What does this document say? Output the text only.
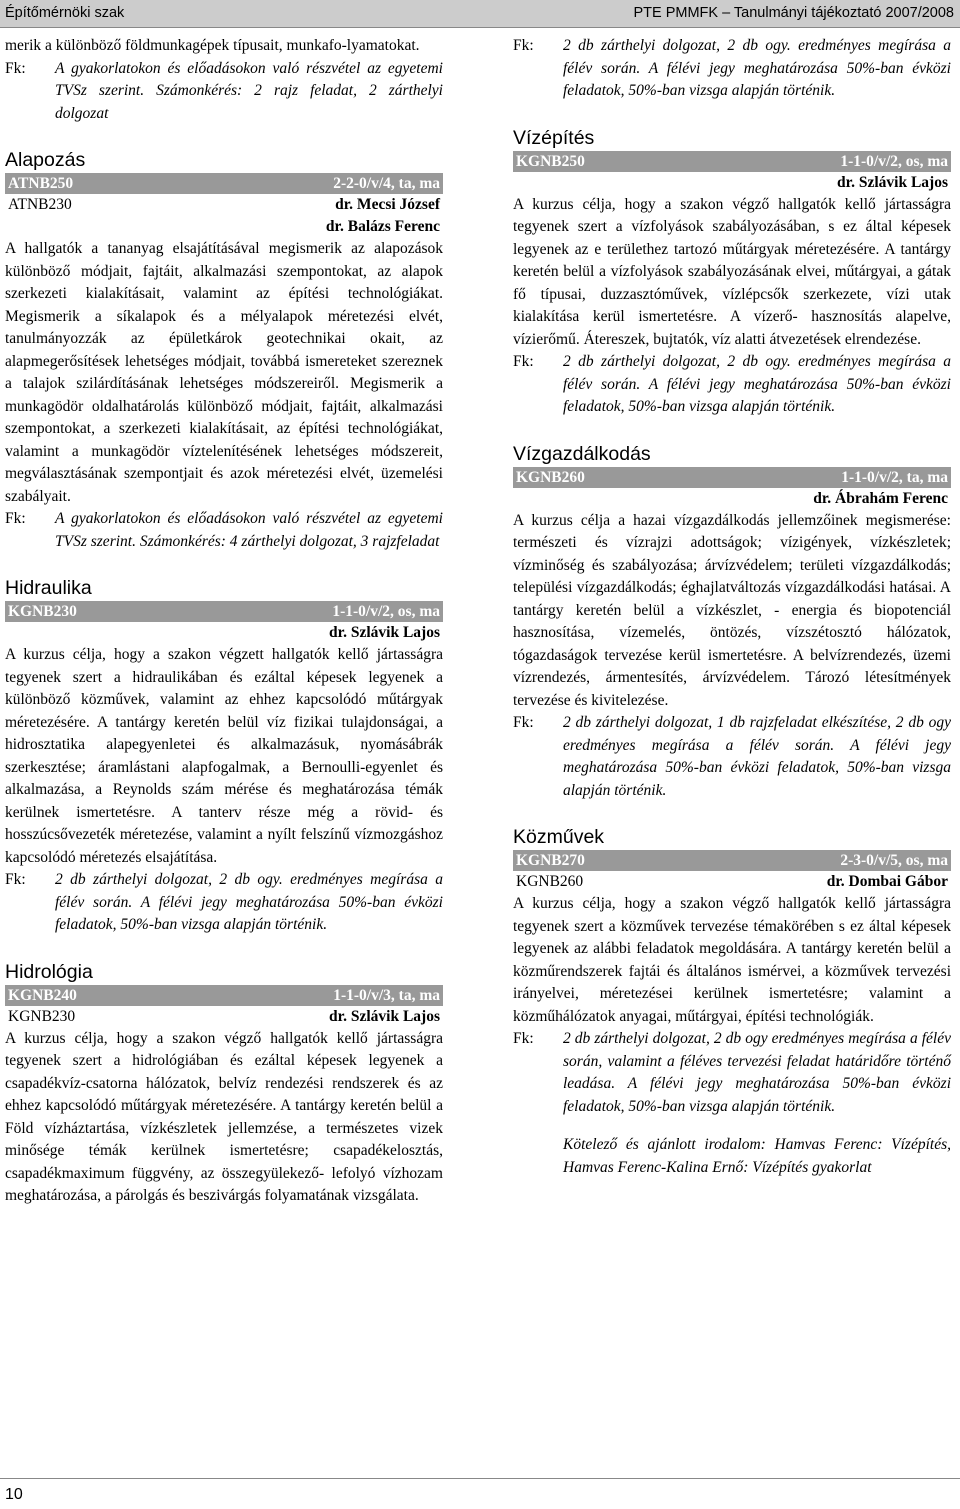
Építőmérnöki szak	PTE PMMFK – Tanulmányi tájékoztató 2007/2008

merik a különböző földmunkagépek típusait, munkafo-lyamatokat.

Fk: A gyakorlatokon és előadásokon való részvétel az egyetemi TVSz szerint. Számonkérés: 2 rajz feladat, 2 zárthelyi dolgozat
Alapozás
ATNB250	2-2-0/v/4, ta, ma
ATNB230	dr. Mecsi József
dr. Balázs Ferenc

A hallgatók a tananyag elsajátításával megismerik az alapozások különböző módjait, fajtáit, alkalmazási szempontokat, az alapok szerkezeti kialakításait, valamint az építési technológiákat. Megismerik a síkalapok és a mélyalapok méretezési elvét, tanulmányozzák az épületkárok geotechnikai okait, az alapmegerősítések lehetséges módjait, továbbá ismereteket szereznek a talajok szilárdításának lehetséges módszereiről. Megismerik a munkagödör oldalhatárolás különböző módjait, fajtáit, alkalmazási szempontokat, a szerkezeti kialakításait, az építési technológiákat, valamint a munkagödör víztelenítésének lehetséges módszereit, megválasztásának szempontjait és azok méretezési elvét, üzemelési szabályait.

Fk: A gyakorlatokon és előadásokon való részvétel az egyetemi TVSz szerint. Számonkérés: 4 zárthelyi dolgozat, 3 rajzfeladat
Hidraulika
KGNB230	1-1-0/v/2, os, ma
dr. Szlávik Lajos

A kurzus célja, hogy a szakon végzett hallgatók kellő jártasságra tegyenek szert a hidraulikában és ezáltal képesek legyenek a különböző közművek, valamint az ehhez kapcsolódó műtárgyak méretezésére. A tantárgy keretén belül víz fizikai tulajdonságai, a hidrosztatika alapegyenletei és alkalmazásuk, nyomásábrák szerkesztése; áramlástani alapfogalmak, a Bernoulli-egyenlet és alkalmazása, a Reynolds szám mérése és meghatározása témák kerülnek ismertetésre. A tanterv része még a rövid- és hosszúcsővezeték méretezése, valamint a nyílt felszínű vízmozgáshoz kapcsolódó méretezés elsajátítása.

Fk: 2 db zárthelyi dolgozat, 2 db ogy. eredményes megírása a félév során. A félévi jegy meghatározása 50%-ban évközi feladatok, 50%-ban vizsga alapján történik.
Hidrológia
KGNB240	1-1-0/v/3, ta, ma
KGNB230	dr. Szlávik Lajos

A kurzus célja, hogy a szakon végző hallgatók kellő jártasságra tegyenek szert a hidrológiában és ezáltal képesek legyenek a csapadékvíz-csatorna hálózatok, belvíz rendezési rendszerek és az ehhez kapcsolódó műtárgyak méretezésére. A tantárgy keretén belül a Föld vízháztartása, vízkészletek jellemzése, a természetes vizek minősége témák kerülnek ismertetésre; csapadékelosztás, csapadékmaximum függvény, az összegyülekező- lefolyó vízhozam meghatározása, a párolgás és beszivárgás folyamatának vizsgálata.

Fk: 2 db zárthelyi dolgozat, 2 db ogy. eredményes megírása a félév során. A félévi jegy meghatározása 50%-ban évközi feladatok, 50%-ban vizsga alapján történik.
Vízépítés
KGNB250	1-1-0/v/2, os, ma
dr. Szlávik Lajos

A kurzus célja, hogy a szakon végző hallgatók kellő jártasságra tegyenek szert a vízfolyások szabályozásában, s ez által képesek legyenek az e területhez tartozó műtárgyak méretezésére. A tantárgy keretén belül a vízfolyások szabályozásának elvei, műtárgyai, a gátak fő típusai, duzzasztóművek, vízlépcsők szerkezete, vízi utak kialakítása kerül ismertetésre. A vízerő- hasznosítás alapelve, vízierőmű. Átereszek, bujtatók, víz alatti átvezetések elrendezése.

Fk: 2 db zárthelyi dolgozat, 2 db ogy. eredményes megírása a félév során. A félévi jegy meghatározása 50%-ban évközi feladatok, 50%-ban vizsga alapján történik.
Vízgazdálkodás
KGNB260	1-1-0/v/2, ta, ma
dr. Ábrahám Ferenc

A kurzus célja a hazai vízgazdálkodás jellemzőinek megismerése: természeti és vízrajzi adottságok; vízigények, vízkészletek; vízminőség és szabályozása; árvízvédelem; területi vízgazdálkodás; települési vízgazdálkodás; éghajlatváltozás vízgazdálkodási hatásai. A tantárgy keretén belül a vízkészlet, - energia és biopotenciál hasznosítása, vízemelés, öntözés, vízszétosztó hálózatok, tógazdaságok tervezése kerül ismertetésre. A belvízrendezés, üzemi vízrendezés, ármentesítés, árvízvédelem. Tározó létesítmények tervezése és kivitelezése.

Fk: 2 db zárthelyi dolgozat, 1 db rajzfeladat elkészítése, 2 db ogy eredményes megírása a félév során. A félévi jegy meghatározása 50%-ban évközi feladatok, 50%-ban vizsga alapján történik.
Közművek
KGNB270	2-3-0/v/5, os, ma
KGNB260	dr. Dombai Gábor

A kurzus célja, hogy a szakon végző hallgatók kellő jártasságra tegyenek szert a közművek tervezése témakörében s ez által képesek legyenek az alábbi feladatok megoldására. A tantárgy keretén belül a közműrendszerek fajtái és általános ismérvei, a közművek tervezési irányelvei, méretezései kerülnek ismertetésre; valamint a közműhálózatok anyagai, műtárgyai, építési technológiák.

Fk: 2 db zárthelyi dolgozat, 2 db ogy eredményes megírása a félév során, valamint a féléves tervezési feladat határidőre történő leadása. A félévi jegy meghatározása 50%-ban évközi feladatok, 50%-ban vizsga alapján történik.
Kötelező és ajánlott irodalom: Hamvas Ferenc: Vízépítés, Hamvas Ferenc-Kalina Ernő: Vízépítés gyakorlat
10
